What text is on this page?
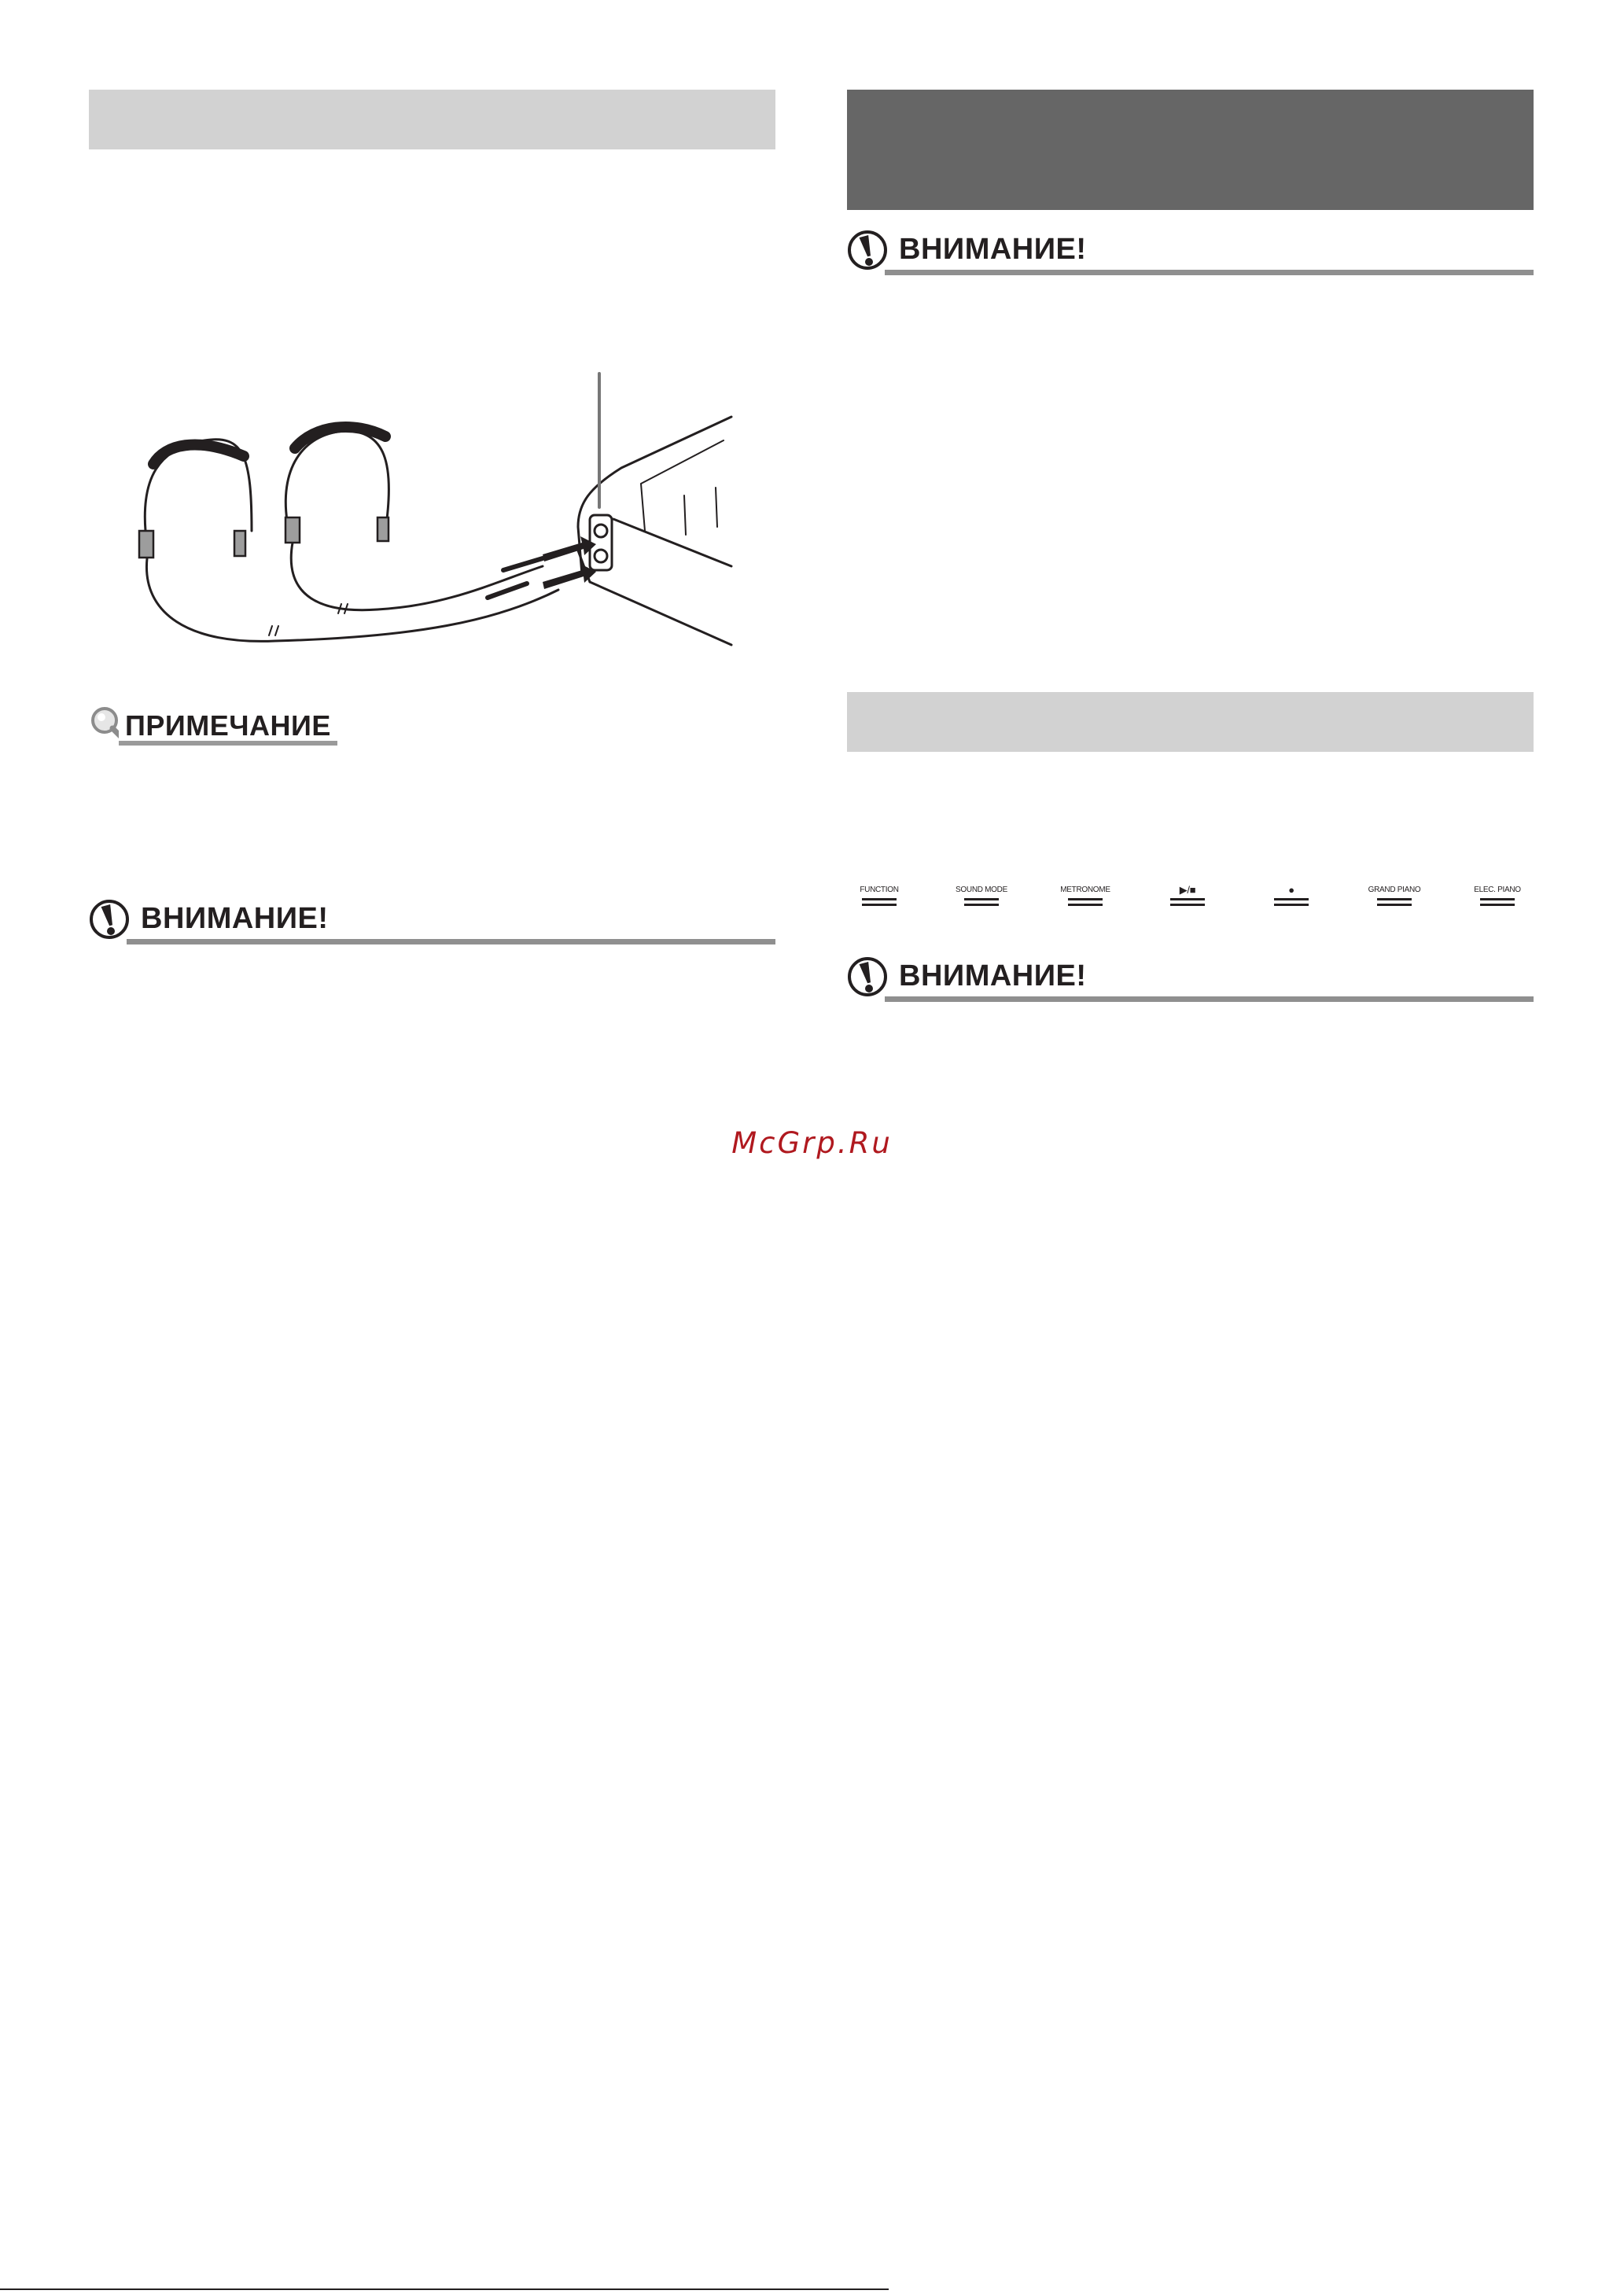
ПРИМЕЧАНИЕ
ВНИМАНИЕ!
ВНИМАНИЕ!
FUNCTION	SOUND MODE	METRONOME	▶/■	●	GRAND PIANO	ELEC. PIANO
ВНИМАНИЕ!
McGrp.Ru
